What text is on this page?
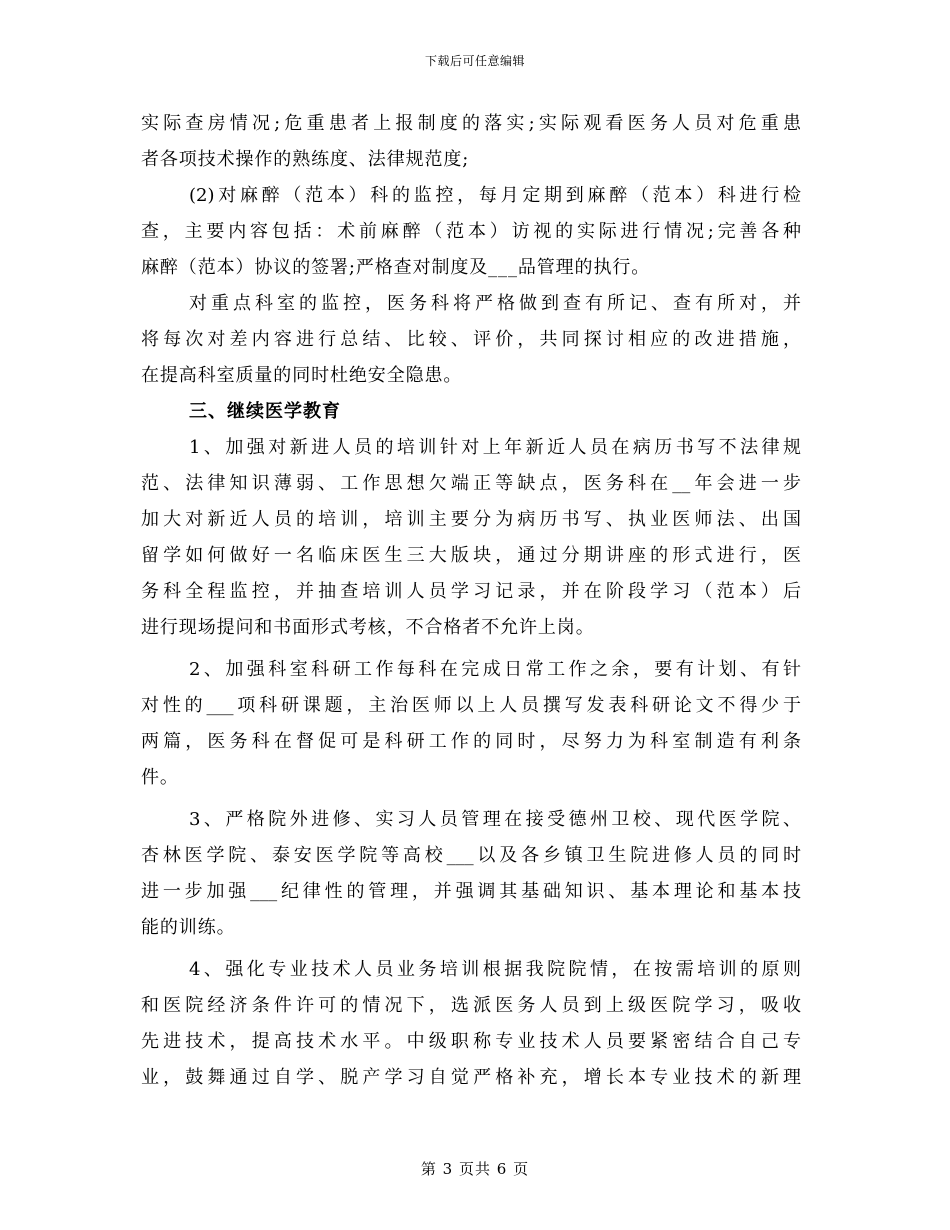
下载后可任意编辑
实际查房情况;危重患者上报制度的落实;实际观看医务人员对危重患
者各项技术操作的熟练度、法律规范度;
(2)对麻醉（范本）科的监控，每月定期到麻醉（范本）科进行检
查，主要内容包括：术前麻醉（范本）访视的实际进行情况;完善各种
麻醉（范本）协议的签署;严格查对制度及___品管理的执行。
对重点科室的监控，医务科将严格做到查有所记、查有所对，并
将每次对差内容进行总结、比较、评价，共同探讨相应的改进措施，
在提高科室质量的同时杜绝安全隐患。
三、继续医学教育
1、加强对新进人员的培训针对上年新近人员在病历书写不法律规
范、法律知识薄弱、工作思想欠端正等缺点，医务科在__年会进一步
加大对新近人员的培训，培训主要分为病历书写、执业医师法、出国
留学如何做好一名临床医生三大版块，通过分期讲座的形式进行，医
务科全程监控，并抽查培训人员学习记录，并在阶段学习（范本）后
进行现场提问和书面形式考核，不合格者不允许上岗。
2、加强科室科研工作每科在完成日常工作之余，要有计划、有针
对性的___项科研课题，主治医师以上人员撰写发表科研论文不得少于
两篇，医务科在督促可是科研工作的同时，尽努力为科室制造有利条
件。
3、严格院外进修、实习人员管理在接受德州卫校、现代医学院、
杏林医学院、泰安医学院等高校___以及各乡镇卫生院进修人员的同时
进一步加强___纪律性的管理，并强调其基础知识、基本理论和基本技
能的训练。
4、强化专业技术人员业务培训根据我院院情，在按需培训的原则
和医院经济条件许可的情况下，选派医务人员到上级医院学习，吸收
先进技术，提高技术水平。中级职称专业技术人员要紧密结合自己专
业，鼓舞通过自学、脱产学习自觉严格补充，增长本专业技术的新理
第 3 页共 6 页
